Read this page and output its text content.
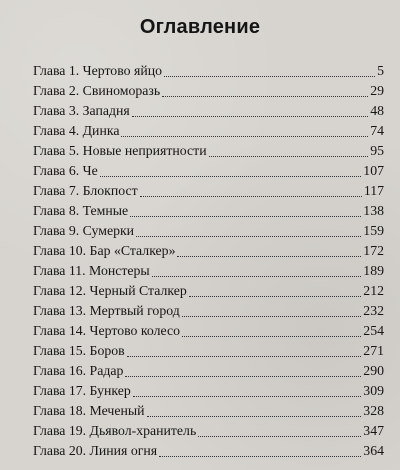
Оглавление
Глава 1. Чертово яйцо	5
Глава 2. Свиноморазь	29
Глава 3. Западня	48
Глава 4. Динка	74
Глава 5. Новые неприятности	95
Глава 6. Че	107
Глава 7. Блокпост	117
Глава 8. Темные	138
Глава 9. Сумерки	159
Глава 10. Бар «Сталкер»	172
Глава 11. Монстеры	189
Глава 12. Черный Сталкер	212
Глава 13. Мертвый город	232
Глава 14. Чертово колесо	254
Глава 15. Боров	271
Глава 16. Радар	290
Глава 17. Бункер	309
Глава 18. Меченый	328
Глава 19. Дьявол-хранитель	347
Глава 20. Линия огня	364
